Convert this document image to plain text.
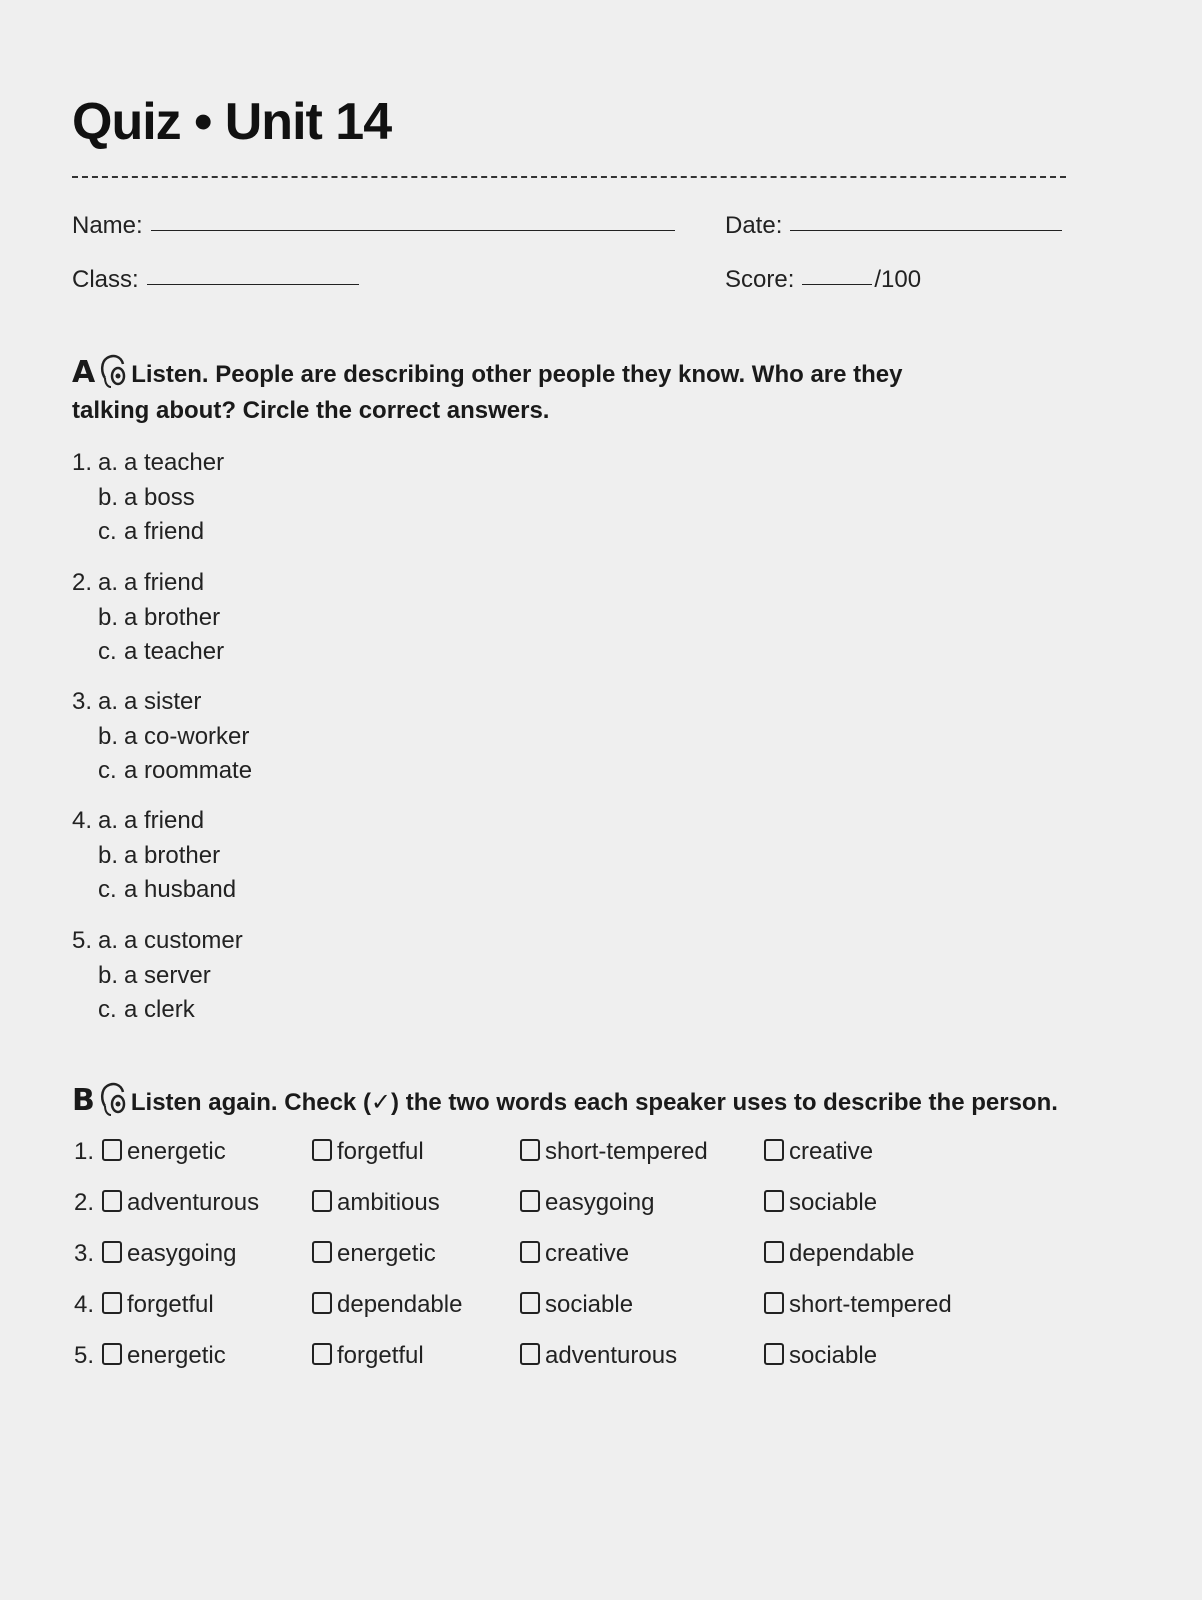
Quiz • Unit 14
Name:	Date:
Class:	Score:	/100
A Listen. People are describing other people they know. Who are they
talking about? Circle the correct answers.
1. a. a teacher
b. a boss
c. a friend
2. a. a friend
b. a brother
c. a teacher
3. a. a sister
b. a co-worker
c. a roommate
4. a. a friend
b. a brother
c. a husband
5. a. a customer
b. a server
c. a clerk
B Listen again. Check (✓) the two words each speaker uses to describe the person.
1.	energetic	forgetful	short-tempered	creative
2.	adventurous	ambitious	easygoing	sociable
3.	easygoing	energetic	creative	dependable
4.	forgetful	dependable	sociable	short-tempered
5.	energetic	forgetful	adventurous	sociable
